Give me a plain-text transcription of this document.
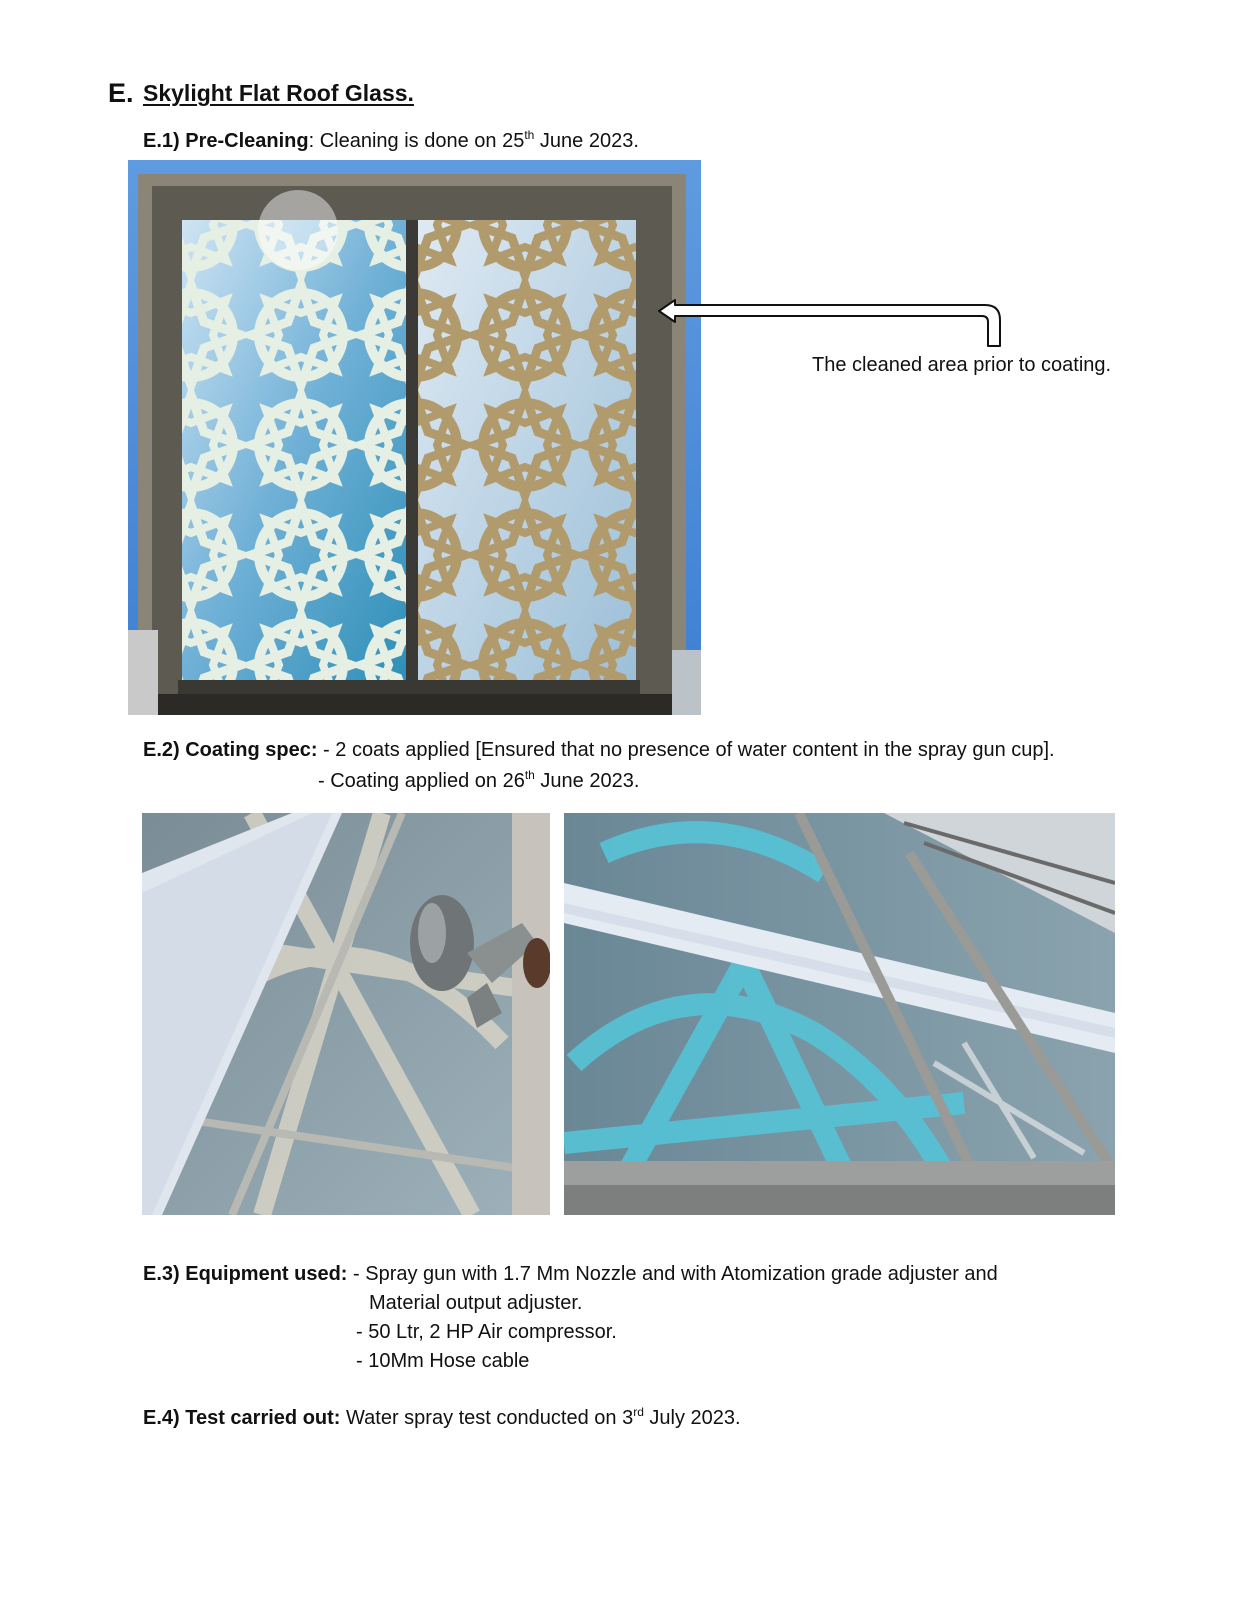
E. Skylight Flat Roof Glass.
E.1) Pre-Cleaning: Cleaning is done on 25th June 2023.
The cleaned area prior to coating.
E.2) Coating spec: - 2 coats applied [Ensured that no presence of water content in the spray gun cup].
- Coating applied on 26th June 2023.
E.3) Equipment used: - Spray gun with 1.7 Mm Nozzle and with Atomization grade adjuster and
Material output adjuster.
- 50 Ltr, 2 HP Air compressor.
- 10Mm Hose cable
E.4) Test carried out: Water spray test conducted on 3rd July 2023.
